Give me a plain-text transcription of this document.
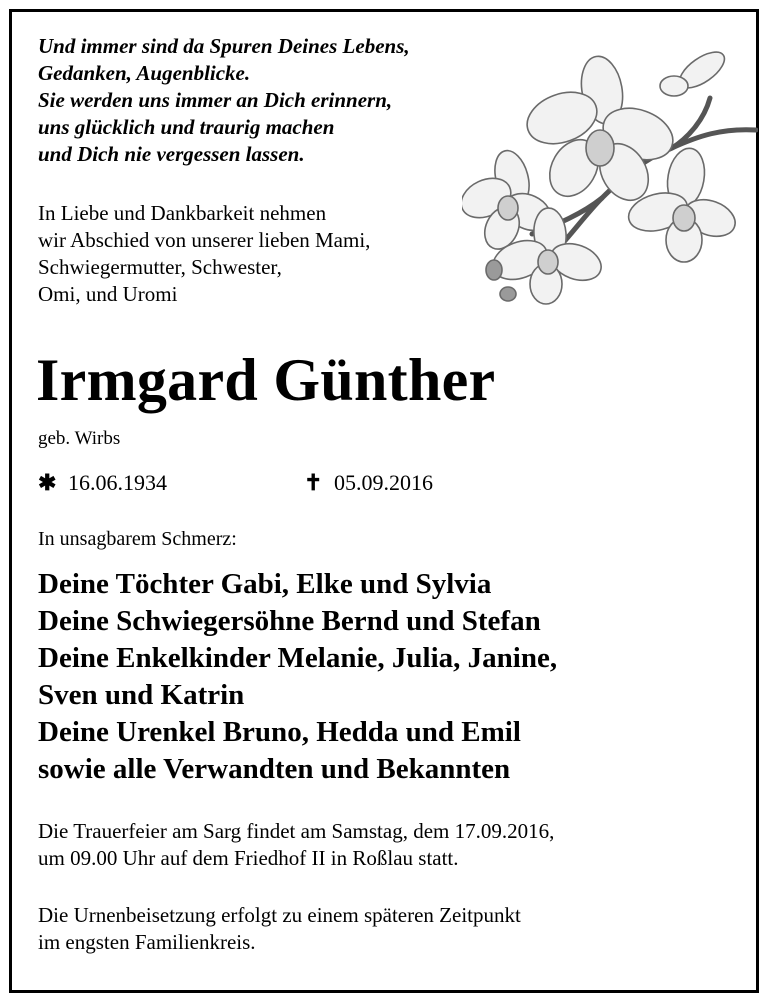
Und immer sind da Spuren Deines Lebens,
Gedanken, Augenblicke.
Sie werden uns immer an Dich erinnern,
uns glücklich und traurig machen
und Dich nie vergessen lassen.
In Liebe und Dankbarkeit nehmen
wir Abschied von unserer lieben Mami,
Schwiegermutter, Schwester,
Omi, und Uromi
Irmgard Günther
geb. Wirbs
✱ 16.06.1934	✝ 05.09.2016
In unsagbarem Schmerz:
Deine Töchter Gabi, Elke und Sylvia
Deine Schwiegersöhne Bernd und Stefan
Deine Enkelkinder Melanie, Julia, Janine,
Sven und Katrin
Deine Urenkel Bruno, Hedda und Emil
sowie alle Verwandten und Bekannten
Die Trauerfeier am Sarg findet am Samstag, dem 17.09.2016,
um 09.00 Uhr auf dem Friedhof II in Roßlau statt.
Die Urnenbeisetzung erfolgt zu einem späteren Zeitpunkt
im engsten Familienkreis.
